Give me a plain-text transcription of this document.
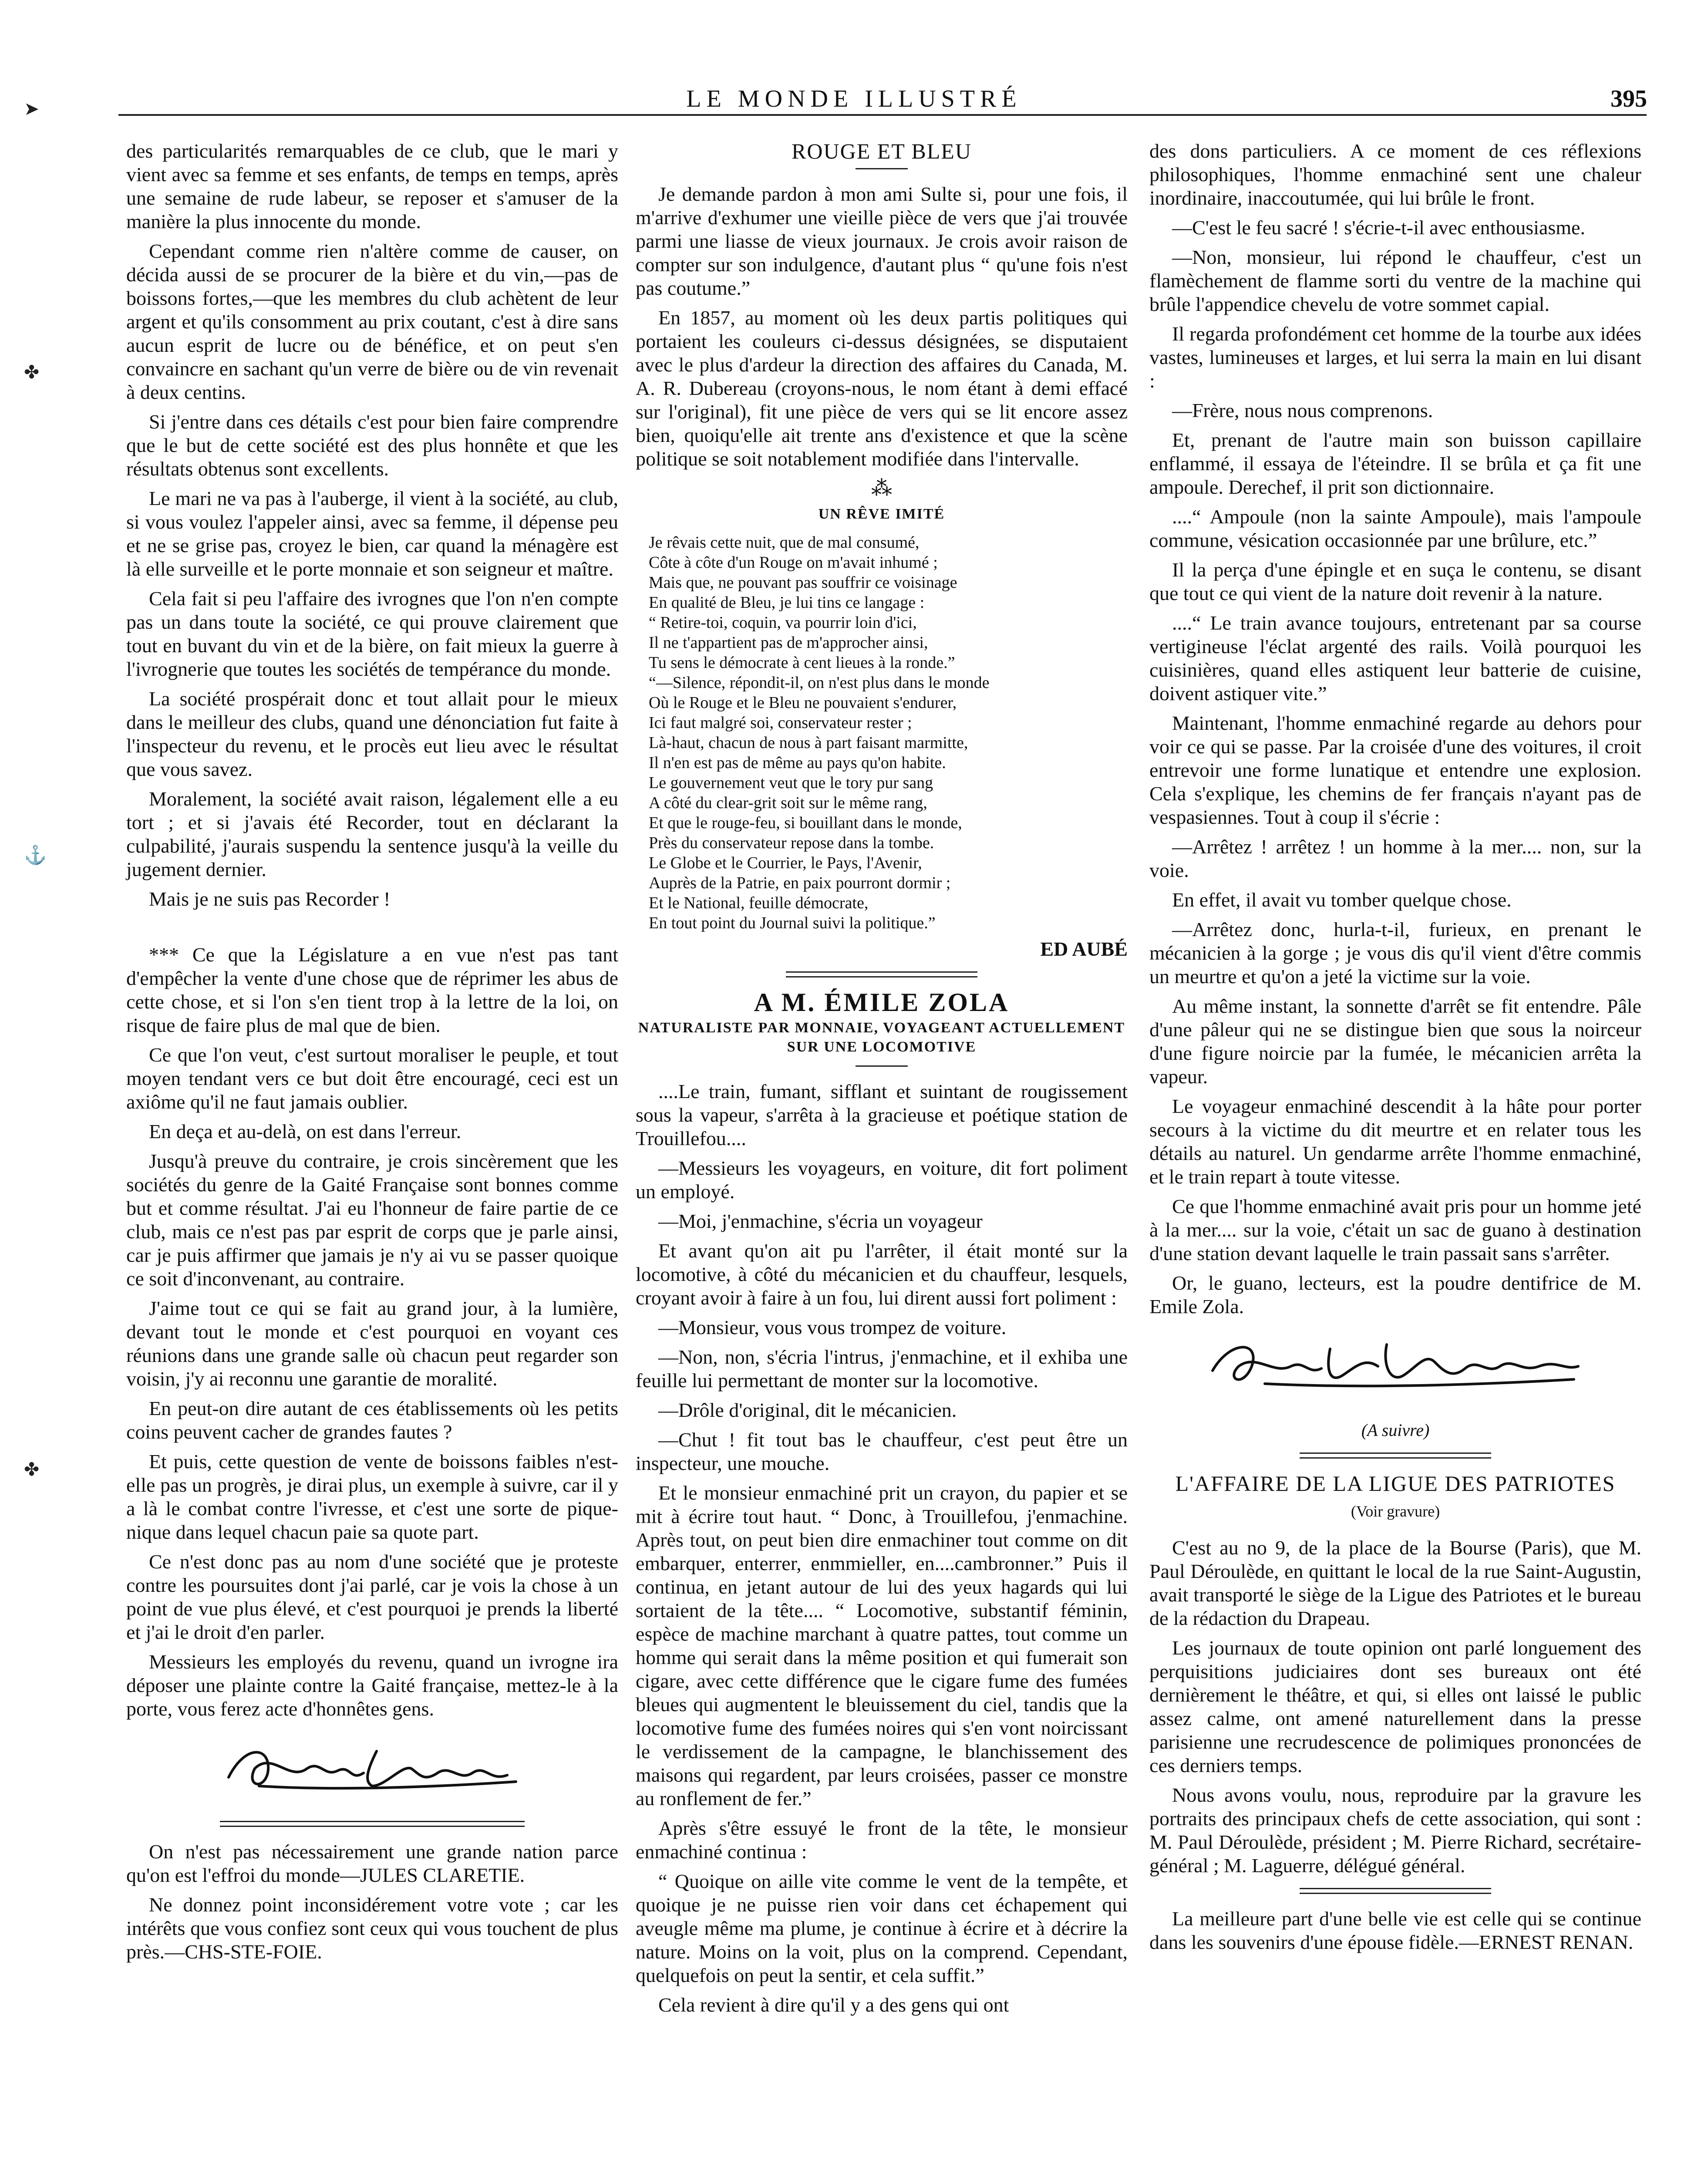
LE MONDE ILLUSTRÉ	395
➤
✤
⚓
✤

des particularités remarquables de ce club, que le mari y vient avec sa femme et ses enfants, de temps en temps, après une semaine de rude labeur, se reposer et s'amuser de la manière la plus innocente du monde.

Cependant comme rien n'altère comme de causer, on décida aussi de se procurer de la bière et du vin,—pas de boissons fortes,—que les membres du club achètent de leur argent et qu'ils consomment au prix coutant, c'est à dire sans aucun esprit de lucre ou de bénéfice, et on peut s'en convaincre en sachant qu'un verre de bière ou de vin revenait à deux centins.

Si j'entre dans ces détails c'est pour bien faire comprendre que le but de cette société est des plus honnête et que les résultats obtenus sont excellents.

Le mari ne va pas à l'auberge, il vient à la société, au club, si vous voulez l'appeler ainsi, avec sa femme, il dépense peu et ne se grise pas, croyez le bien, car quand la ménagère est là elle surveille et le porte monnaie et son seigneur et maître.

Cela fait si peu l'affaire des ivrognes que l'on n'en compte pas un dans toute la société, ce qui prouve clairement que tout en buvant du vin et de la bière, on fait mieux la guerre à l'ivrognerie que toutes les sociétés de tempérance du monde.

La société prospérait donc et tout allait pour le mieux dans le meilleur des clubs, quand une dénonciation fut faite à l'inspecteur du revenu, et le procès eut lieu avec le résultat que vous savez.

Moralement, la société avait raison, légalement elle a eu tort ; et si j'avais été Recorder, tout en déclarant la culpabilité, j'aurais suspendu la sentence jusqu'à la veille du jugement dernier.

Mais je ne suis pas Recorder !

*** Ce que la Législature a en vue n'est pas tant d'empêcher la vente d'une chose que de réprimer les abus de cette chose, et si l'on s'en tient trop à la lettre de la loi, on risque de faire plus de mal que de bien.

Ce que l'on veut, c'est surtout moraliser le peuple, et tout moyen tendant vers ce but doit être encouragé, ceci est un axiôme qu'il ne faut jamais oublier.

En deça et au-delà, on est dans l'erreur.

Jusqu'à preuve du contraire, je crois sincèrement que les sociétés du genre de la Gaité Française sont bonnes comme but et comme résultat. J'ai eu l'honneur de faire partie de ce club, mais ce n'est pas par esprit de corps que je parle ainsi, car je puis affirmer que jamais je n'y ai vu se passer quoique ce soit d'inconvenant, au contraire.

J'aime tout ce qui se fait au grand jour, à la lumière, devant tout le monde et c'est pourquoi en voyant ces réunions dans une grande salle où chacun peut regarder son voisin, j'y ai reconnu une garantie de moralité.

En peut-on dire autant de ces établissements où les petits coins peuvent cacher de grandes fautes ?

Et puis, cette question de vente de boissons faibles n'est-elle pas un progrès, je dirai plus, un exemple à suivre, car il y a là le combat contre l'ivresse, et c'est une sorte de pique-nique dans lequel chacun paie sa quote part.

Ce n'est donc pas au nom d'une société que je proteste contre les poursuites dont j'ai parlé, car je vois la chose à un point de vue plus élevé, et c'est pourquoi je prends la liberté et j'ai le droit d'en parler.

Messieurs les employés du revenu, quand un ivrogne ira déposer une plainte contre la Gaité française, mettez-le à la porte, vous ferez acte d'honnêtes gens.

On n'est pas nécessairement une grande nation parce qu'on est l'effroi du monde—JULES CLARETIE.

Ne donnez point inconsidérement votre vote ; car les intérêts que vous confiez sont ceux qui vous touchent de plus près.—CHS-STE-FOIE.

ROUGE ET BLEU

Je demande pardon à mon ami Sulte si, pour une fois, il m'arrive d'exhumer une vieille pièce de vers que j'ai trouvée parmi une liasse de vieux journaux. Je crois avoir raison de compter sur son indulgence, d'autant plus “ qu'une fois n'est pas coutume.”

En 1857, au moment où les deux partis politiques qui portaient les couleurs ci-dessus désignées, se disputaient avec le plus d'ardeur la direction des affaires du Canada, M. A. R. Dubereau (croyons-nous, le nom étant à demi effacé sur l'original), fit une pièce de vers qui se lit encore assez bien, quoiqu'elle ait trente ans d'existence et que la scène politique se soit notablement modifiée dans l'intervalle.

⁂
UN RÊVE IMITÉ
Je rêvais cette nuit, que de mal consumé,
Côte à côte d'un Rouge on m'avait inhumé ;
Mais que, ne pouvant pas souffrir ce voisinage
En qualité de Bleu, je lui tins ce langage :
“ Retire-toi, coquin, va pourrir loin d'ici,
Il ne t'appartient pas de m'approcher ainsi,
Tu sens le démocrate à cent lieues à la ronde.”
“—Silence, répondit-il, on n'est plus dans le monde
Où le Rouge et le Bleu ne pouvaient s'endurer,
Ici faut malgré soi, conservateur rester ;
Là-haut, chacun de nous à part faisant marmitte,
Il n'en est pas de même au pays qu'on habite.
Le gouvernement veut que le tory pur sang
A côté du clear-grit soit sur le même rang,
Et que le rouge-feu, si bouillant dans le monde,
Près du conservateur repose dans la tombe.
Le Globe et le Courrier, le Pays, l'Avenir,
Auprès de la Patrie, en paix pourront dormir ;
Et le National, feuille démocrate,
En tout point du Journal suivi la politique.”
ED AUBÉ
A M. ÉMILE ZOLA
NATURALISTE PAR MONNAIE, VOYAGEANT ACTUELLEMENT SUR UNE LOCOMOTIVE

....Le train, fumant, sifflant et suintant de rougissement sous la vapeur, s'arrêta à la gracieuse et poétique station de Trouillefou....

—Messieurs les voyageurs, en voiture, dit fort poliment un employé.

—Moi, j'enmachine, s'écria un voyageur

Et avant qu'on ait pu l'arrêter, il était monté sur la locomotive, à côté du mécanicien et du chauffeur, lesquels, croyant avoir à faire à un fou, lui dirent aussi fort poliment :

—Monsieur, vous vous trompez de voiture.

—Non, non, s'écria l'intrus, j'enmachine, et il exhiba une feuille lui permettant de monter sur la locomotive.

—Drôle d'original, dit le mécanicien.

—Chut ! fit tout bas le chauffeur, c'est peut être un inspecteur, une mouche.

Et le monsieur enmachiné prit un crayon, du papier et se mit à écrire tout haut. “ Donc, à Trouillefou, j'enmachine. Après tout, on peut bien dire enmachiner tout comme on dit embarquer, enterrer, enmmieller, en....cambronner.” Puis il continua, en jetant autour de lui des yeux hagards qui lui sortaient de la tête.... “ Locomotive, substantif féminin, espèce de machine marchant à quatre pattes, tout comme un homme qui serait dans la même position et qui fumerait son cigare, avec cette différence que le cigare fume des fumées bleues qui augmentent le bleuissement du ciel, tandis que la locomotive fume des fumées noires qui s'en vont noircissant le verdissement de la campagne, le blanchissement des maisons qui regardent, par leurs croisées, passer ce monstre au ronflement de fer.”

Après s'être essuyé le front de la tête, le monsieur enmachiné continua :

“ Quoique on aille vite comme le vent de la tempête, et quoique je ne puisse rien voir dans cet échapement qui aveugle même ma plume, je continue à écrire et à décrire la nature. Moins on la voit, plus on la comprend. Cependant, quelquefois on peut la sentir, et cela suffit.”

Cela revient à dire qu'il y a des gens qui ont

des dons particuliers. A ce moment de ces réflexions philosophiques, l'homme enmachiné sent une chaleur inordinaire, inaccoutumée, qui lui brûle le front.

—C'est le feu sacré ! s'écrie-t-il avec enthousiasme.

—Non, monsieur, lui répond le chauffeur, c'est un flamèchement de flamme sorti du ventre de la machine qui brûle l'appendice chevelu de votre sommet capial.

Il regarda profondément cet homme de la tourbe aux idées vastes, lumineuses et larges, et lui serra la main en lui disant :

—Frère, nous nous comprenons.

Et, prenant de l'autre main son buisson capillaire enflammé, il essaya de l'éteindre. Il se brûla et ça fit une ampoule. Derechef, il prit son dictionnaire.

....“ Ampoule (non la sainte Ampoule), mais l'ampoule commune, vésication occasionnée par une brûlure, etc.”

Il la perça d'une épingle et en suça le contenu, se disant que tout ce qui vient de la nature doit revenir à la nature.

....“ Le train avance toujours, entretenant par sa course vertigineuse l'éclat argenté des rails. Voilà pourquoi les cuisinières, quand elles astiquent leur batterie de cuisine, doivent astiquer vite.”

Maintenant, l'homme enmachiné regarde au dehors pour voir ce qui se passe. Par la croisée d'une des voitures, il croit entrevoir une forme lunatique et entendre une explosion. Cela s'explique, les chemins de fer français n'ayant pas de vespasiennes. Tout à coup il s'écrie :

—Arrêtez ! arrêtez ! un homme à la mer.... non, sur la voie.

En effet, il avait vu tomber quelque chose.

—Arrêtez donc, hurla-t-il, furieux, en prenant le mécanicien à la gorge ; je vous dis qu'il vient d'être commis un meurtre et qu'on a jeté la victime sur la voie.

Au même instant, la sonnette d'arrêt se fit entendre. Pâle d'une pâleur qui ne se distingue bien que sous la noirceur d'une figure noircie par la fumée, le mécanicien arrêta la vapeur.

Le voyageur enmachiné descendit à la hâte pour porter secours à la victime du dit meurtre et en relater tous les détails au naturel. Un gendarme arrête l'homme enmachiné, et le train repart à toute vitesse.

Ce que l'homme enmachiné avait pris pour un homme jeté à la mer.... sur la voie, c'était un sac de guano à destination d'une station devant laquelle le train passait sans s'arrêter.

Or, le guano, lecteurs, est la poudre dentifrice de M. Emile Zola.

(A suivre)
L'AFFAIRE DE LA LIGUE DES PATRIOTES
(Voir gravure)

C'est au no 9, de la place de la Bourse (Paris), que M. Paul Déroulède, en quittant le local de la rue Saint-Augustin, avait transporté le siège de la Ligue des Patriotes et le bureau de la rédaction du Drapeau.

Les journaux de toute opinion ont parlé longuement des perquisitions judiciaires dont ses bureaux ont été dernièrement le théâtre, et qui, si elles ont laissé le public assez calme, ont amené naturellement dans la presse parisienne une recrudescence de polimiques prononcées de ces derniers temps.

Nous avons voulu, nous, reproduire par la gravure les portraits des principaux chefs de cette association, qui sont : M. Paul Déroulède, président ; M. Pierre Richard, secrétaire-général ; M. Laguerre, délégué général.

La meilleure part d'une belle vie est celle qui se continue dans les souvenirs d'une épouse fidèle.—ERNEST RENAN.
